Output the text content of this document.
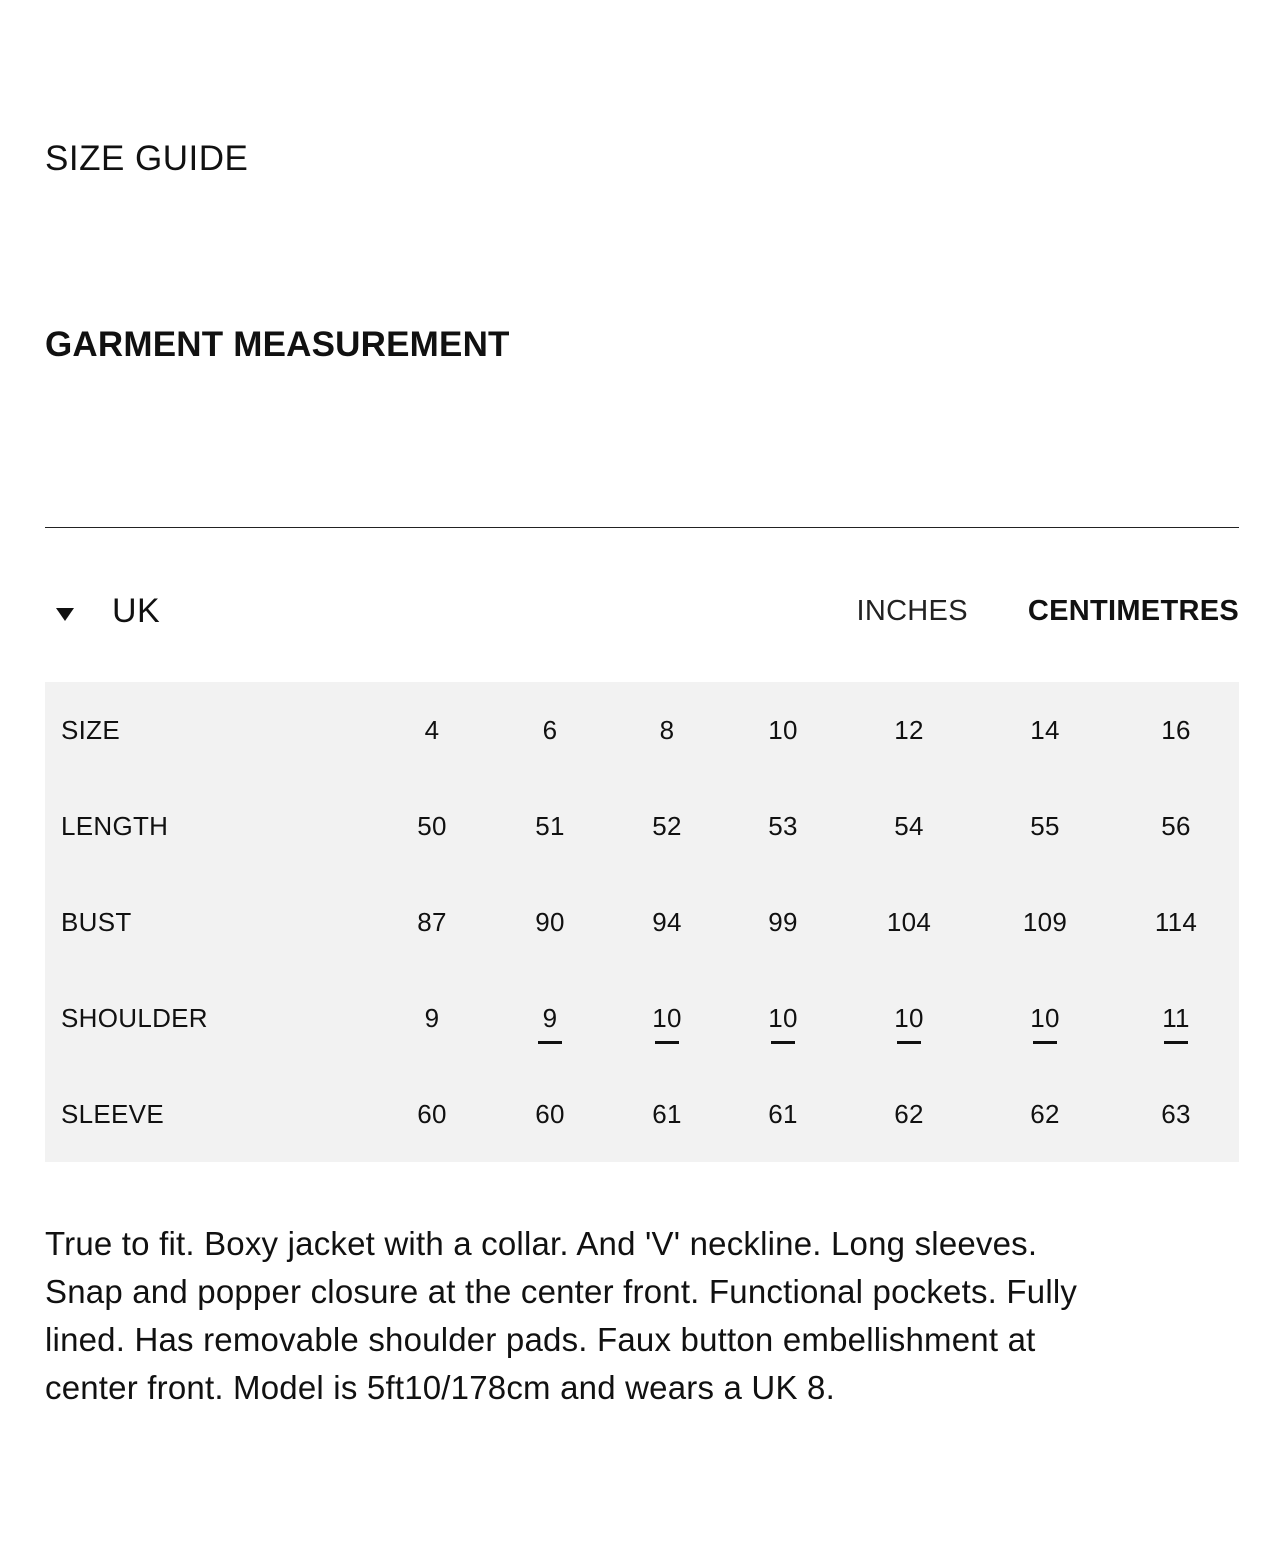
SIZE GUIDE
GARMENT MEASUREMENT
UK	INCHES CENTIMETRES
SIZE	4	6	8	10	12	14	16
LENGTH	50	51	52	53	54	55	56
BUST	87	90	94	99	104	109	114
SHOULDER	9	9	10	10	10	10	11
SLEEVE	60	60	61	61	62	62	63

True to fit. Boxy jacket with a collar. And 'V' neckline. Long sleeves. Snap and popper closure at the center front. Functional pockets. Fully lined. Has removable shoulder pads. Faux button embellishment at center front. Model is 5ft10/178cm and wears a UK 8.
